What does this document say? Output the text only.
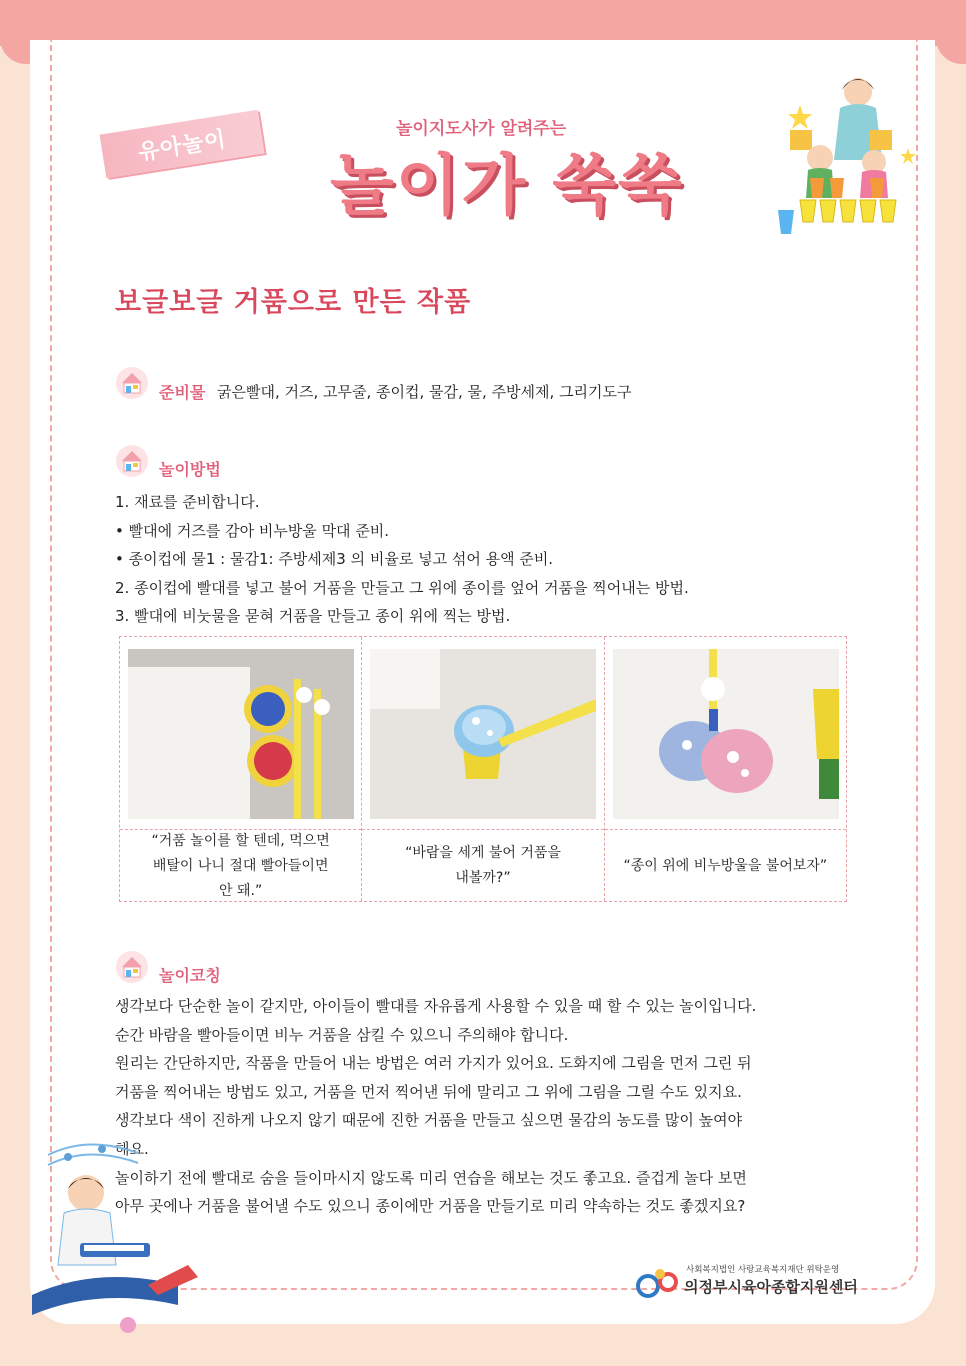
유아놀이	놀이지도사가 알려주는
놀이가 쑥쑥
보글보글 거품으로 만든 작품
준비물 굵은빨대, 거즈, 고무줄, 종이컵, 물감, 물, 주방세제, 그리기도구
놀이방법
1. 재료를 준비합니다.
• 빨대에 거즈를 감아 비누방울 막대 준비.
• 종이컵에 물1 : 물감1: 주방세제3 의 비율로 넣고 섞어 용액 준비.
2. 종이컵에 빨대를 넣고 불어 거품을 만들고 그 위에 종이를 엎어 거품을 찍어내는 방법.
3. 빨대에 비눗물을 묻혀 거품을 만들고 종이 위에 찍는 방법.
“거품 놀이를 할 텐데, 먹으면
배탈이 나니 절대 빨아들이면
안 돼.”
“바람을 세게 불어 거품을
내볼까?”
“종이 위에 비누방울을 불어보자”
놀이코칭
생각보다 단순한 놀이 같지만, 아이들이 빨대를 자유롭게 사용할 수 있을 때 할 수 있는 놀이입니다.
순간 바람을 빨아들이면 비누 거품을 삼킬 수 있으니 주의해야 합니다.
원리는 간단하지만, 작품을 만들어 내는 방법은 여러 가지가 있어요. 도화지에 그림을 먼저 그린 뒤
거품을 찍어내는 방법도 있고, 거품을 먼저 찍어낸 뒤에 말리고 그 위에 그림을 그릴 수도 있지요.
생각보다 색이 진하게 나오지 않기 때문에 진한 거품을 만들고 싶으면 물감의 농도를 많이 높여야
해요.
놀이하기 전에 빨대로 숨을 들이마시지 않도록 미리 연습을 해보는 것도 좋고요. 즐겁게 놀다 보면
아무 곳에나 거품을 불어낼 수도 있으니 종이에만 거품을 만들기로 미리 약속하는 것도 좋겠지요?
사회복지법인 사랑교육복지재단 위탁운영
의정부시육아종합지원센터
